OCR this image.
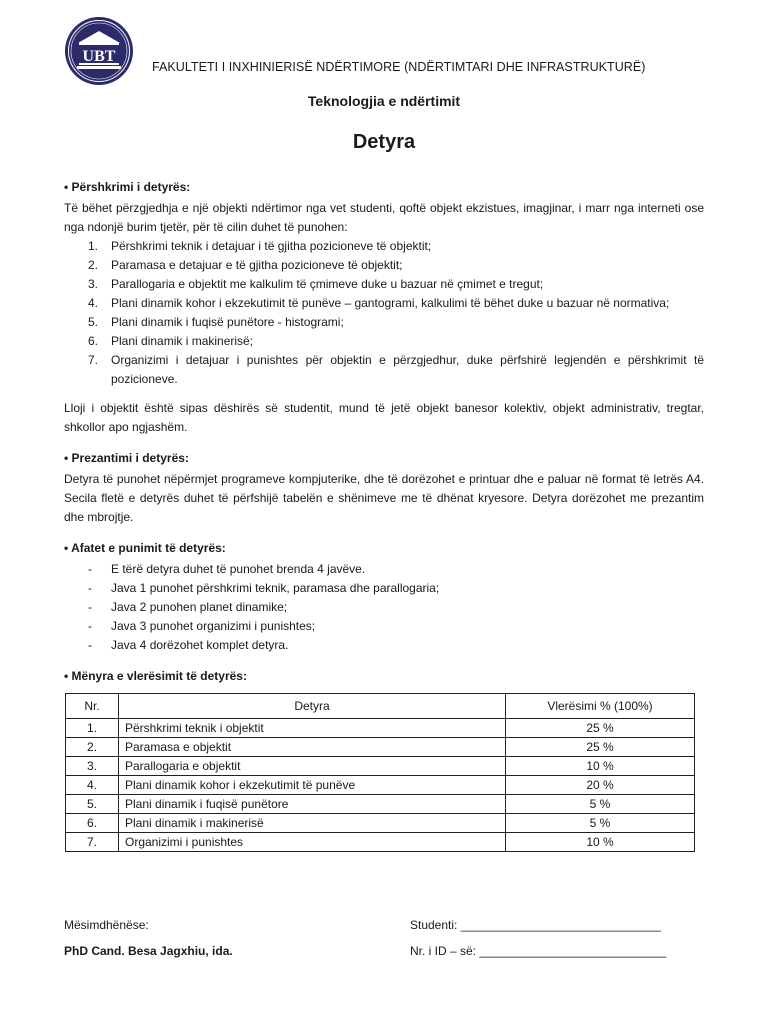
UBT
FAKULTETI I INXHINIERISË NDËRTIMORE (NDËRTIMTARI DHE INFRASTRUKTURË)
Teknologjia e ndërtimit
Detyra

• Përshkrimi i detyrës:

Të bëhet përzgjedhja e një objekti ndërtimor nga vet studenti, qoftë objekt ekzistues, imagjinar, i marr nga interneti ose nga ndonjë burim tjetër, për të cilin duhet të punohen:

1. Përshkrimi teknik i detajuar i të gjitha pozicioneve të objektit;
2. Paramasa e detajuar e të gjitha pozicioneve të objektit;
3. Parallogaria e objektit me kalkulim të çmimeve duke u bazuar në çmimet e tregut;
4. Plani dinamik kohor i ekzekutimit të punëve – gantogrami, kalkulimi të bëhet duke u bazuar në normativa;
5. Plani dinamik i fuqisë punëtore - histogrami;
6. Plani dinamik i makinerisë;
7. Organizimi i detajuar i punishtes për objektin e përzgjedhur, duke përfshirë legjendën e përshkrimit të pozicioneve.

Lloji i objektit është sipas dëshirës së studentit, mund të jetë objekt banesor kolektiv, objekt administrativ, tregtar, shkollor apo ngjashëm.

• Prezantimi i detyrës:

Detyra të punohet nëpërmjet programeve kompjuterike, dhe të dorëzohet e printuar dhe e paluar në format të letrës A4. Secila fletë e detyrës duhet të përfshijë tabelën e shënimeve me të dhënat kryesore. Detyra dorëzohet me prezantim dhe mbrojtje.

• Afatet e punimit të detyrës:

- E tërë detyra duhet të punohet brenda 4 javëve.
- Java 1 punohet përshkrimi teknik, paramasa dhe parallogaria;
- Java 2 punohen planet dinamike;
- Java 3 punohet organizimi i punishtes;
- Java 4 dorëzohet komplet detyra.

• Mënyra e vlerësimit të detyrës:

Nr.	Detyra	Vlerësimi % (100%)
1.	Përshkrimi teknik i objektit	25 %
2.	Paramasa e objektit	25 %
3.	Parallogaria e objektit	10 %
4.	Plani dinamik kohor i ekzekutimit të punëve	20 %
5.	Plani dinamik i fuqisë punëtore	5 %
6.	Plani dinamik i makinerisë	5 %
7.	Organizimi i punishtes	10 %
Mësimdhënëse:
PhD Cand. Besa Jagxhiu, ida.
Studenti: ______________________________
Nr. i ID – së: ____________________________
